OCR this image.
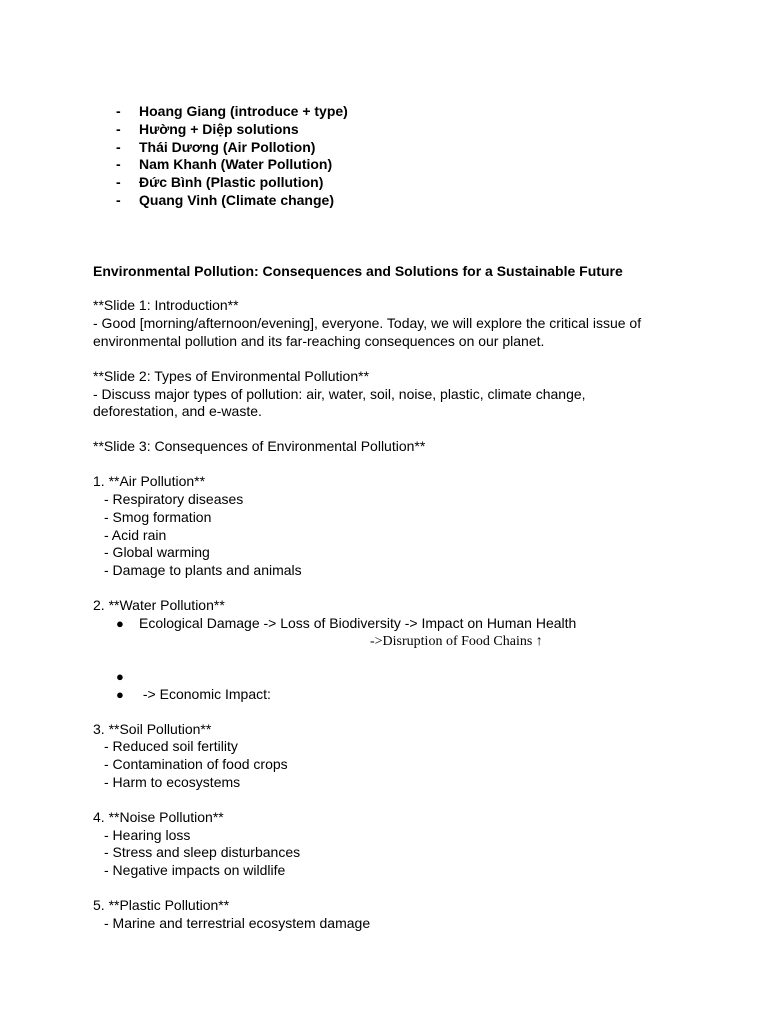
- Hoang Giang (introduce + type)
- Hường + Diệp solutions
- Thái Dương (Air Pollotion)
- Nam Khanh (Water Pollution)
- Đức Bình (Plastic pollution)
- Quang Vinh (Climate change)
Environmental Pollution: Consequences and Solutions for a Sustainable Future
**Slide 1: Introduction**
- Good [morning/afternoon/evening], everyone. Today, we will explore the critical issue of
environmental pollution and its far-reaching consequences on our planet.
**Slide 2: Types of Environmental Pollution**
- Discuss major types of pollution: air, water, soil, noise, plastic, climate change,
deforestation, and e-waste.
**Slide 3: Consequences of Environmental Pollution**
1. **Air Pollution**
- Respiratory diseases
- Smog formation
- Acid rain
- Global warming
- Damage to plants and animals
2. **Water Pollution**
● Ecological Damage -> Loss of Biodiversity -> Impact on Human Health
->Disruption of Food Chains ↑
●
● -> Economic Impact:
3. **Soil Pollution**
- Reduced soil fertility
- Contamination of food crops
- Harm to ecosystems
4. **Noise Pollution**
- Hearing loss
- Stress and sleep disturbances
- Negative impacts on wildlife
5. **Plastic Pollution**
- Marine and terrestrial ecosystem damage
